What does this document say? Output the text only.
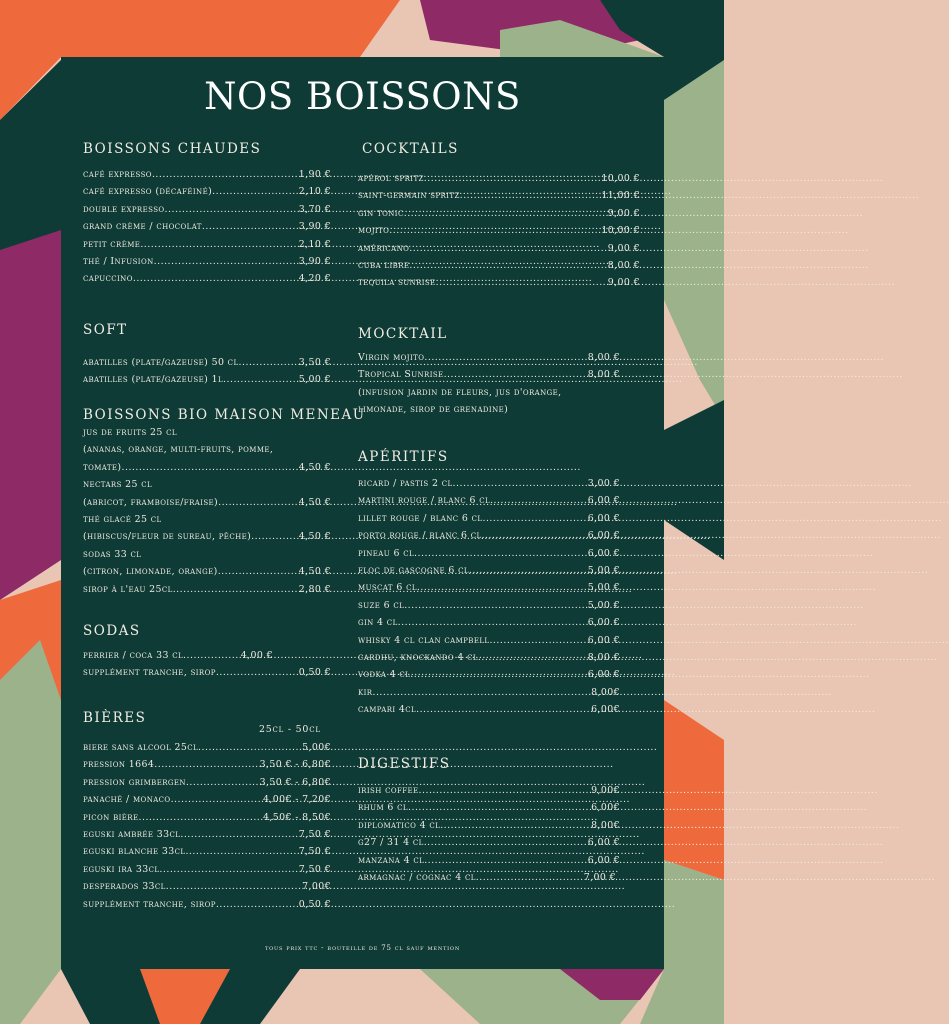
NOS BOISSONS
BOISSONS CHAUDES
café expresso .....	1,90 €
café expresso (décaféiné) .....	2,10 €
double expresso .....	3,70 €
grand crème / chocolat .....	3,90 €
petit crème .....	2,10 €
thé / Infusion .....	3,90 €
capuccino .....	4,20 €
SOFT
abatilles (plate/gazeuse) 50 cl .....	3,50 €
abatilles (plate/gazeuse) 1l .....	5,00 €
BOISSONS BIO MAISON MENEAU
jus de fruits 25 cl
(ananas, orange, multi-fruits, pomme,
tomate) .....	4,50 €
nectars 25 cl
(abricot, framboise/fraise) .....	4,50 €
thé glacé 25 cl
(hibiscus/fleur de sureau, pêche) .....	4,50 €
sodas 33 cl
(citron, limonade, orange) .....	4,50 €
sirop à l'eau 25cl .....	2,80 €
SODAS
perrier / coca 33 cl .....	4,00 €
supplément tranche, sirop .....	0,50 €
BIÈRES
25cl - 50cl
biere sans alcool 25cl .....	5,00€
pression 1664 .....	3,50 € - 6,80€
pression grimbergen .....	3,50 € - 6,80€
panaché / monaco .....	4,00€ - 7,20€
picon bière .....	4,50€ - 8,50€
eguski ambrée 33cl .....	7,50 €
eguski blanche 33cl .....	7,50 €
eguski ira 33cl .....	7,50 €
desperados 33cl .....	7,00€
supplément tranche, sirop .....	0,50 €
COCKTAILS
apérol spritz .....	10,00 €
saint-germain spritz .....	11,00 €
gin tonic .....	9,00 €
mojito .....	10,00 €
américano .....	9,00 €
cuba libre .....	8,00 €
tequila sunrise .....	9,00 €
MOCKTAIL
Virgin mojito .....	8,00 €
Tropical Sunrise .....	8,00 €
(infusion jardin de fleurs, jus d'orange,
limonade, sirop de grenadine)
APÉRITIFS
ricard / pastis 2 cl .....	3,00 €
martini rouge / blanc 6 cl .....	6,00 €
lillet rouge / blanc 6 cl .....	6,00 €
porto rouge / blanc 6 cl .....	6,00 €
pineau 6 cl .....	6,00 €
floc de gascogne 6 cl .....	5,00 €
muscat 6 cl .....	5,00 €
suze 6 cl .....	5,00 €
gin 4 cl .....	6,00 €
whisky 4 cl clan campbell .....	6,00 €
cardhu, knockando 4 cl .....	8,00 €
vodka 4 cl .....	6,00 €
kir .....	8,00€
campari 4cl .....	6,00€
DIGESTIFS
irish coffee .....	9,00€
rhum 6 cl .....	6,00€
diplomatico 4 cl .....	8,00€
g27 / 31 4 cl .....	6,00 €
manzana 4 cl .....	6,00 €
armagnac / cognac 4 cl .....	7,00 €
tous prix ttc - bouteille de 75 cl sauf mention
